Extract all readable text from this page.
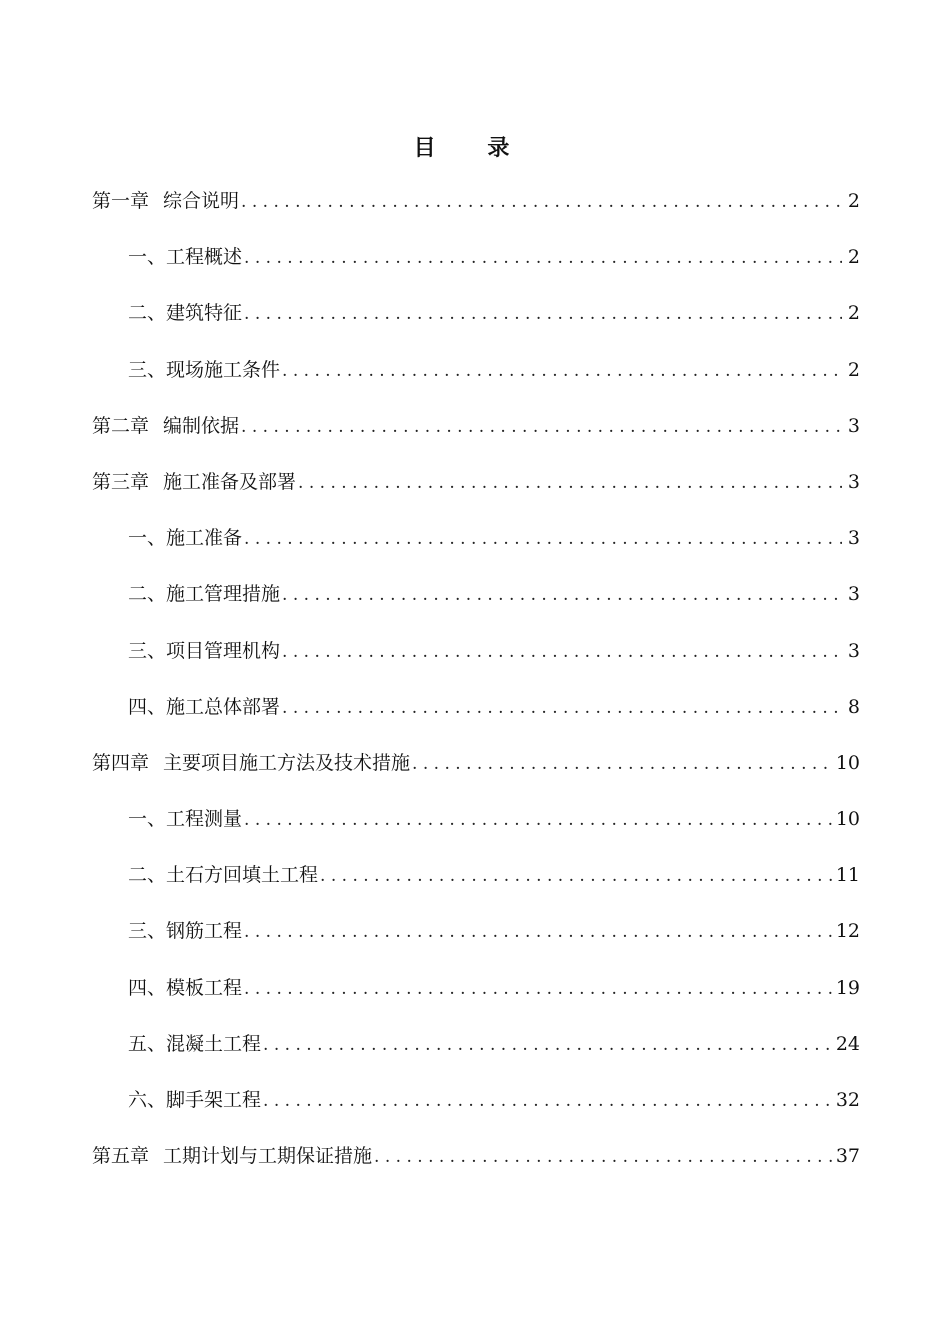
目 录
第一章 综合说明 . . .	2
一、工程概述 . . .	2
二、建筑特征 . . .	2
三、现场施工条件 . . .	2
第二章 编制依据 . . .	3
第三章 施工准备及部署 . . .	3
一、施工准备 . . .	3
二、施工管理措施 . . .	3
三、项目管理机构 . . .	3
四、施工总体部署 . . .	8
第四章 主要项目施工方法及技术措施 . . .	10
一、工程测量 . . .	10
二、土石方回填土工程 . . .	11
三、钢筋工程 . . .	12
四、模板工程 . . .	19
五、混凝土工程 . . .	24
六、脚手架工程 . . .	32
第五章 工期计划与工期保证措施 . . .	37
